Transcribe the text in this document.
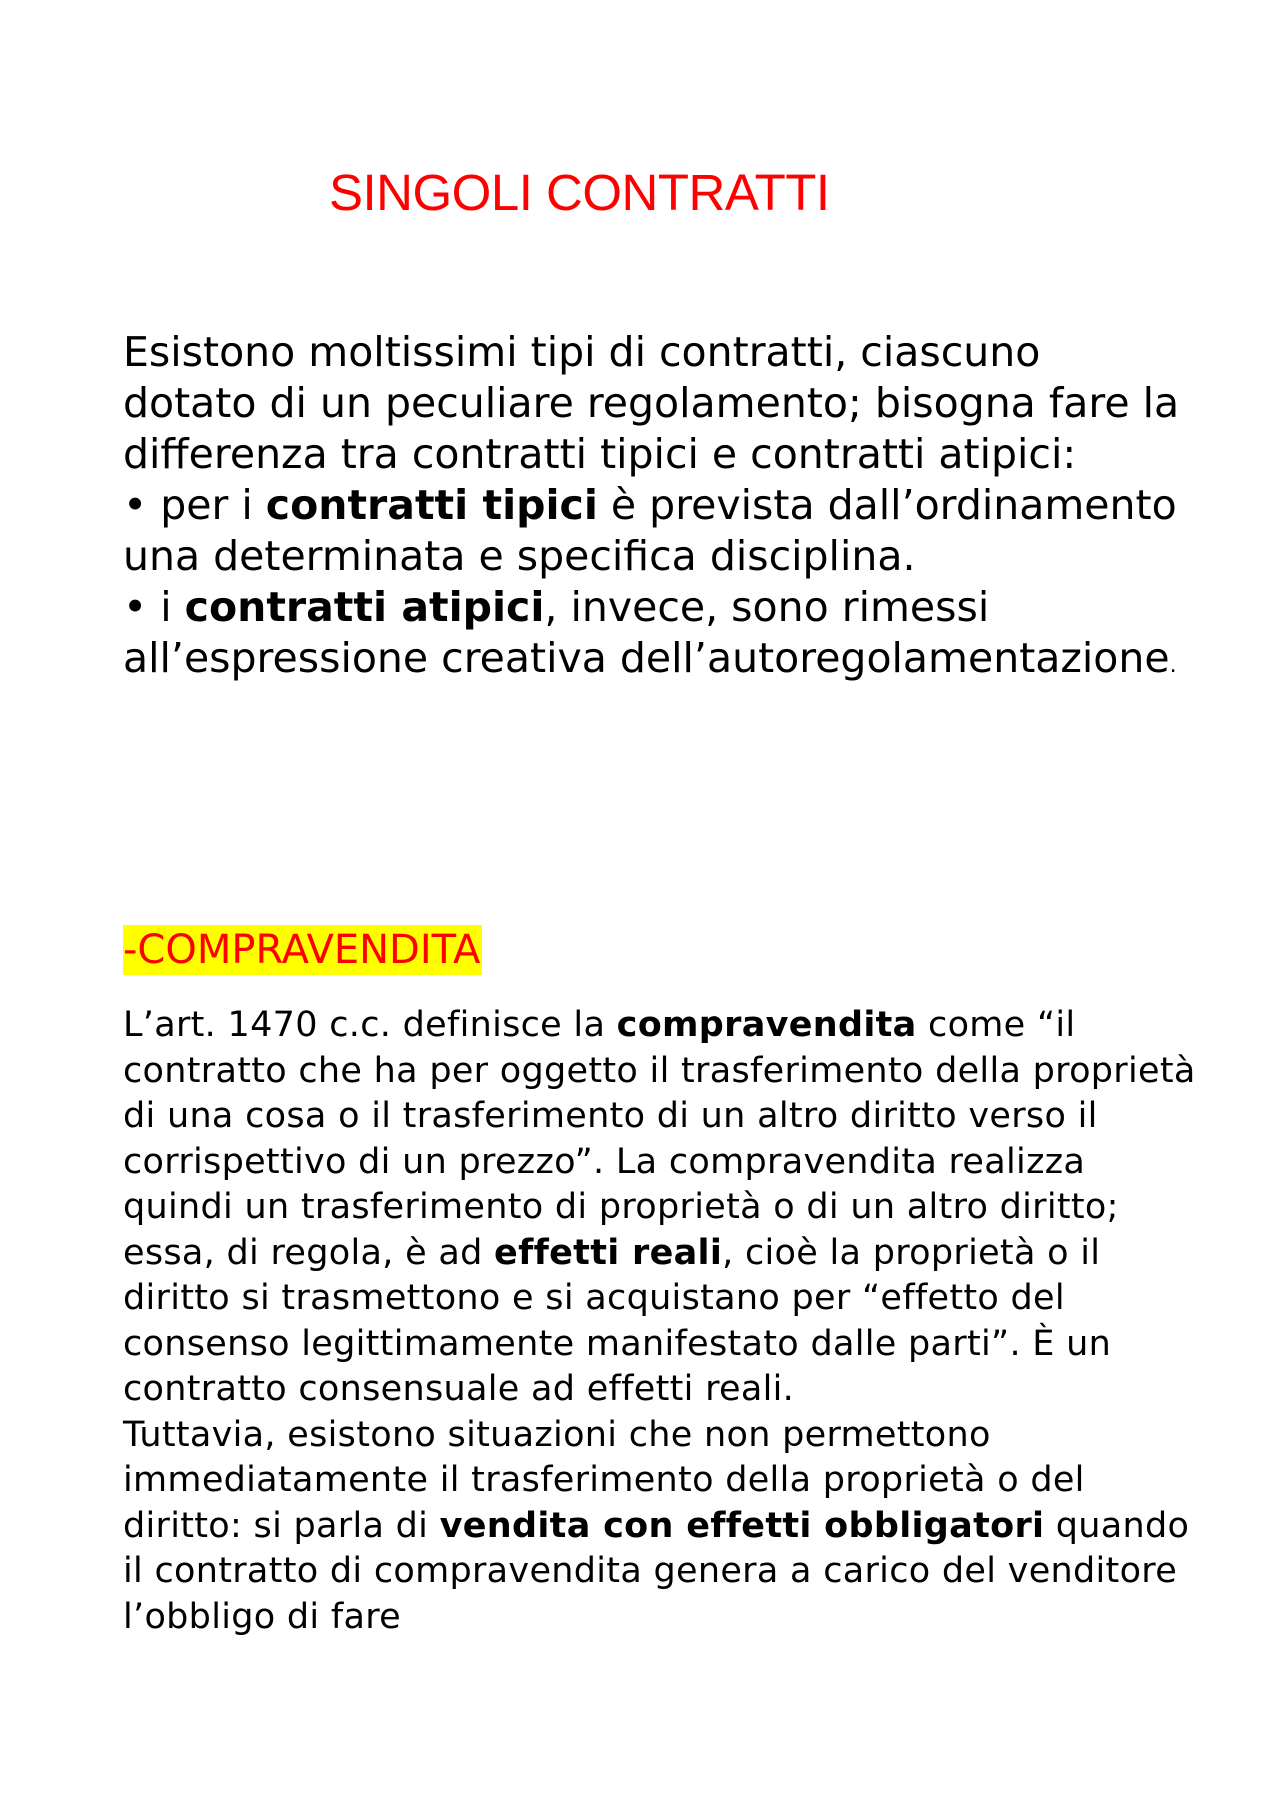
SINGOLI CONTRATTI

Esistono moltissimi tipi di contratti, ciascuno dotato di un peculiare regolamento; bisogna fare la differenza tra contratti tipici e contratti atipici:

• per i contratti tipici è prevista dall’ordinamento una determinata e specifica disciplina.

• i contratti atipici, invece, sono rimessi all’espressione creativa dell’autoregolamentazione.

-COMPRAVENDITA

L’art. 1470 c.c. definisce la compravendita come “il contratto che ha per oggetto il trasferimento della proprietà di una cosa o il trasferimento di un altro diritto verso il corrispettivo di un prezzo”. La compravendita realizza quindi un trasferimento di proprietà o di un altro diritto; essa, di regola, è ad effetti reali, cioè la proprietà o il diritto si trasmettono e si acquistano per “effetto del consenso legittimamente manifestato dalle parti”. È un contratto consensuale ad effetti reali.

Tuttavia, esistono situazioni che non permettono immediatamente il trasferimento della proprietà o del diritto: si parla di vendita con effetti obbligatori quando il contratto di compravendita genera a carico del venditore l’obbligo di fare
